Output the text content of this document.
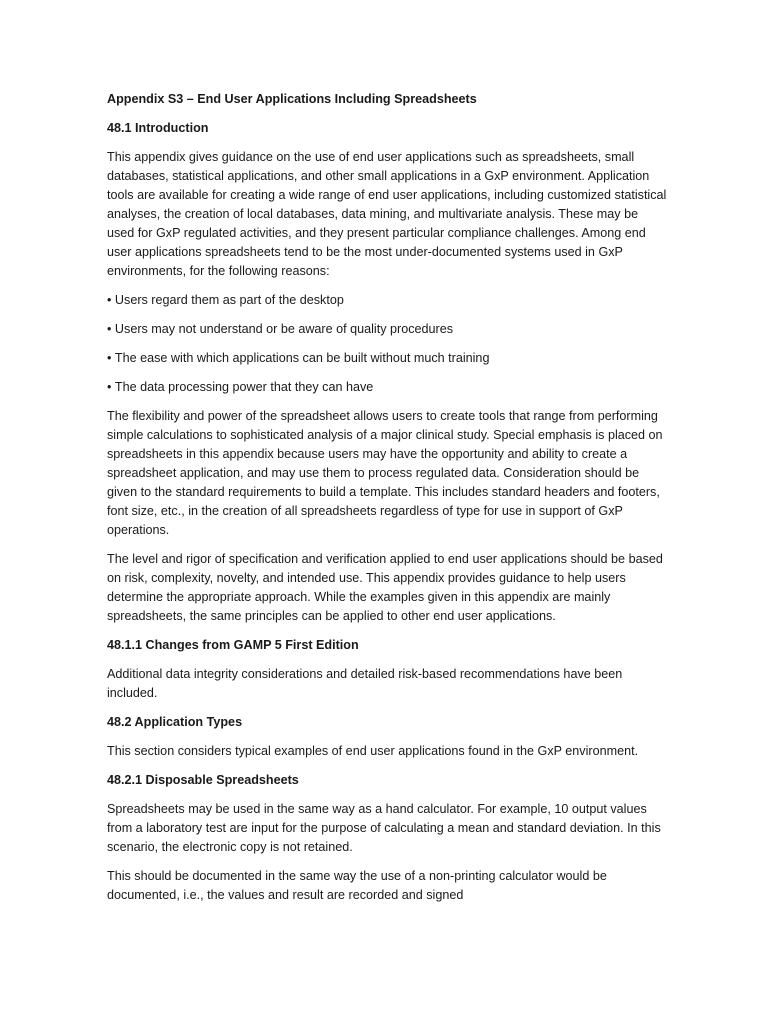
Appendix S3 – End User Applications Including Spreadsheets
48.1 Introduction
This appendix gives guidance on the use of end user applications such as spreadsheets, small databases, statistical applications, and other small applications in a GxP environment. Application tools are available for creating a wide range of end user applications, including customized statistical analyses, the creation of local databases, data mining, and multivariate analysis. These may be used for GxP regulated activities, and they present particular compliance challenges. Among end user applications spreadsheets tend to be the most under-documented systems used in GxP environments, for the following reasons:
• Users regard them as part of the desktop
• Users may not understand or be aware of quality procedures
• The ease with which applications can be built without much training
• The data processing power that they can have
The flexibility and power of the spreadsheet allows users to create tools that range from performing simple calculations to sophisticated analysis of a major clinical study. Special emphasis is placed on spreadsheets in this appendix because users may have the opportunity and ability to create a spreadsheet application, and may use them to process regulated data. Consideration should be given to the standard requirements to build a template. This includes standard headers and footers, font size, etc., in the creation of all spreadsheets regardless of type for use in support of GxP operations.
The level and rigor of specification and verification applied to end user applications should be based on risk, complexity, novelty, and intended use. This appendix provides guidance to help users determine the appropriate approach. While the examples given in this appendix are mainly spreadsheets, the same principles can be applied to other end user applications.
48.1.1 Changes from GAMP 5 First Edition
Additional data integrity considerations and detailed risk-based recommendations have been included.
48.2 Application Types
This section considers typical examples of end user applications found in the GxP environment.
48.2.1 Disposable Spreadsheets
Spreadsheets may be used in the same way as a hand calculator. For example, 10 output values from a laboratory test are input for the purpose of calculating a mean and standard deviation. In this scenario, the electronic copy is not retained.
This should be documented in the same way the use of a non-printing calculator would be documented, i.e., the values and result are recorded and signed
